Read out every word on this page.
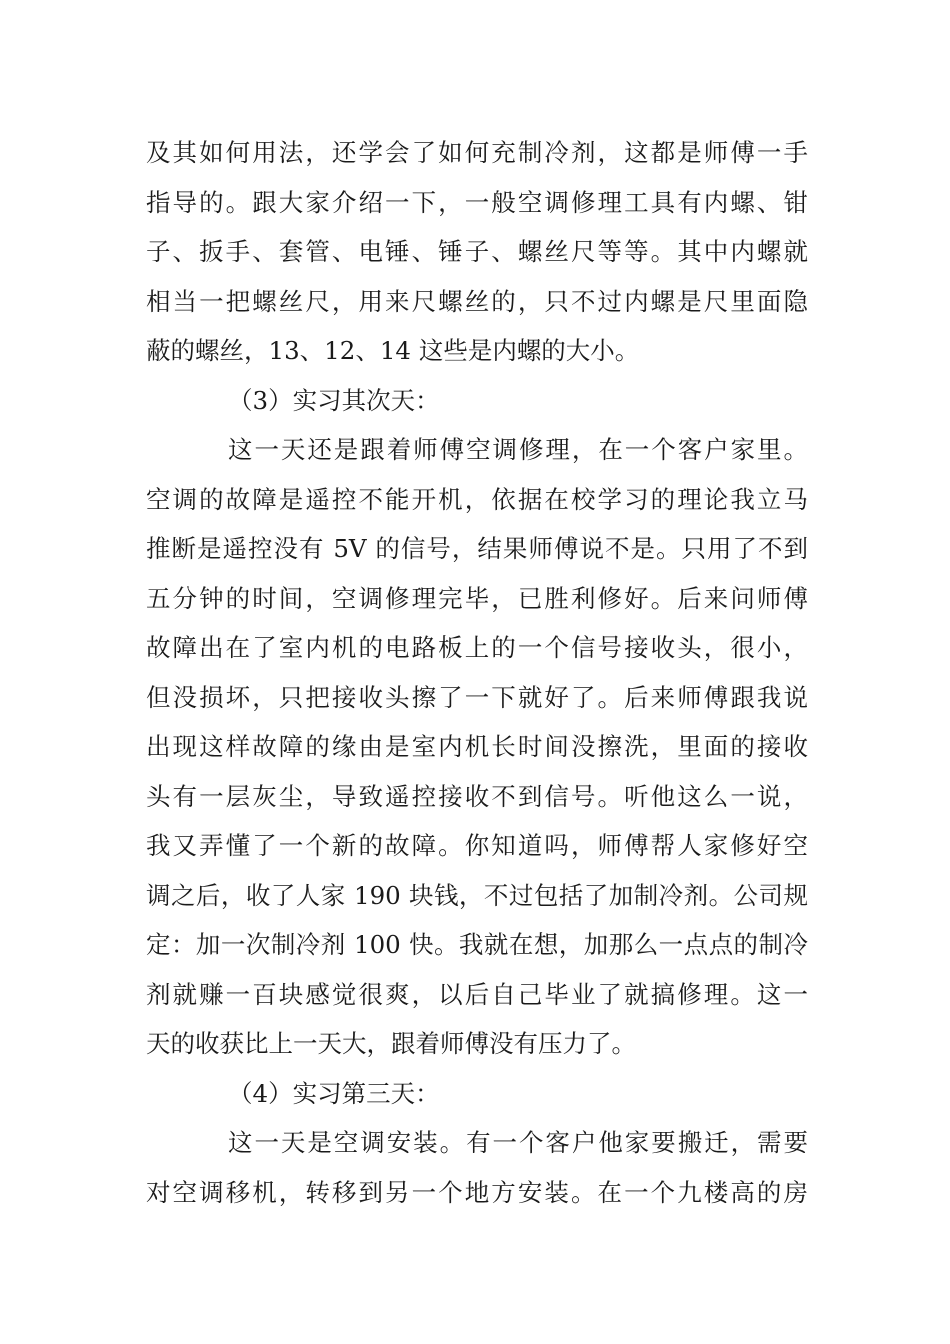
及其如何用法，还学会了如何充制冷剂，这都是师傅一手
指导的。跟大家介绍一下，一般空调修理工具有内螺、钳
子、扳手、套管、电锤、锤子、螺丝尺等等。其中内螺就
相当一把螺丝尺，用来尺螺丝的，只不过内螺是尺里面隐
蔽的螺丝，13、12、14 这些是内螺的大小。
（3）实习其次天：
这一天还是跟着师傅空调修理，在一个客户家里。
空调的故障是遥控不能开机，依据在校学习的理论我立马
推断是遥控没有 5V 的信号，结果师傅说不是。只用了不到
五分钟的时间，空调修理完毕，已胜利修好。后来问师傅
故障出在了室内机的电路板上的一个信号接收头，很小，
但没损坏，只把接收头擦了一下就好了。后来师傅跟我说
出现这样故障的缘由是室内机长时间没擦洗，里面的接收
头有一层灰尘，导致遥控接收不到信号。听他这么一说，
我又弄懂了一个新的故障。你知道吗，师傅帮人家修好空
调之后，收了人家 190 块钱，不过包括了加制冷剂。公司规
定：加一次制冷剂 100 快。我就在想，加那么一点点的制冷
剂就赚一百块感觉很爽，以后自己毕业了就搞修理。这一
天的收获比上一天大，跟着师傅没有压力了。
（4）实习第三天：
这一天是空调安装。有一个客户他家要搬迁，需要
对空调移机，转移到另一个地方安装。在一个九楼高的房
